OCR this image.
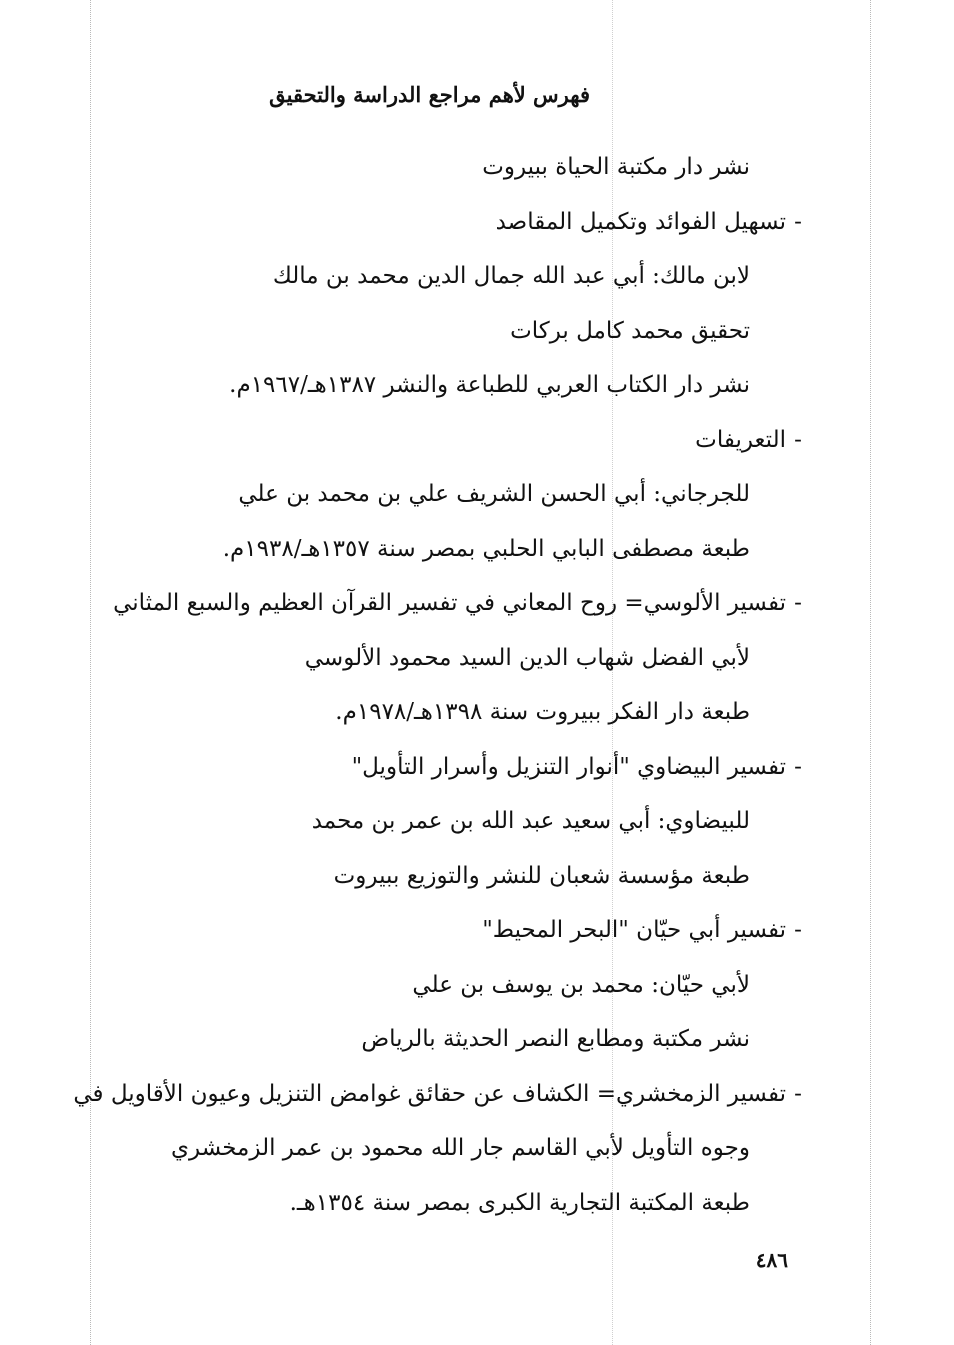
فهرس لأهم مراجع الدراسة والتحقيق
نشر دار مكتبة الحياة ببيروت
-تسهيل الفوائد وتكميل المقاصد
لابن مالك: أبي عبد الله جمال الدين محمد بن مالك
تحقيق محمد كامل بركات
نشر دار الكتاب العربي للطباعة والنشر ١٣٨٧هـ/١٩٦٧م.
-التعريفات
للجرجاني: أبي الحسن الشريف علي بن محمد بن علي
طبعة مصطفى البابي الحلبي بمصر سنة ١٣٥٧هـ/١٩٣٨م.
-تفسير الألوسي= روح المعاني في تفسير القرآن العظيم والسبع المثاني
لأبي الفضل شهاب الدين السيد محمود الألوسي
طبعة دار الفكر ببيروت سنة ١٣٩٨هـ/١٩٧٨م.
-تفسير البيضاوي "أنوار التنزيل وأسرار التأويل"
للبيضاوي: أبي سعيد عبد الله بن عمر بن محمد
طبعة مؤسسة شعبان للنشر والتوزيع ببيروت
-تفسير أبي حيّان "البحر المحيط"
لأبي حيّان: محمد بن يوسف بن علي
نشر مكتبة ومطابع النصر الحديثة بالرياض
-تفسير الزمخشري= الكشاف عن حقائق غوامض التنزيل وعيون الأقاويل في
وجوه التأويل لأبي القاسم جار الله محمود بن عمر الزمخشري
طبعة المكتبة التجارية الكبرى بمصر سنة ١٣٥٤هـ.
٤٨٦
